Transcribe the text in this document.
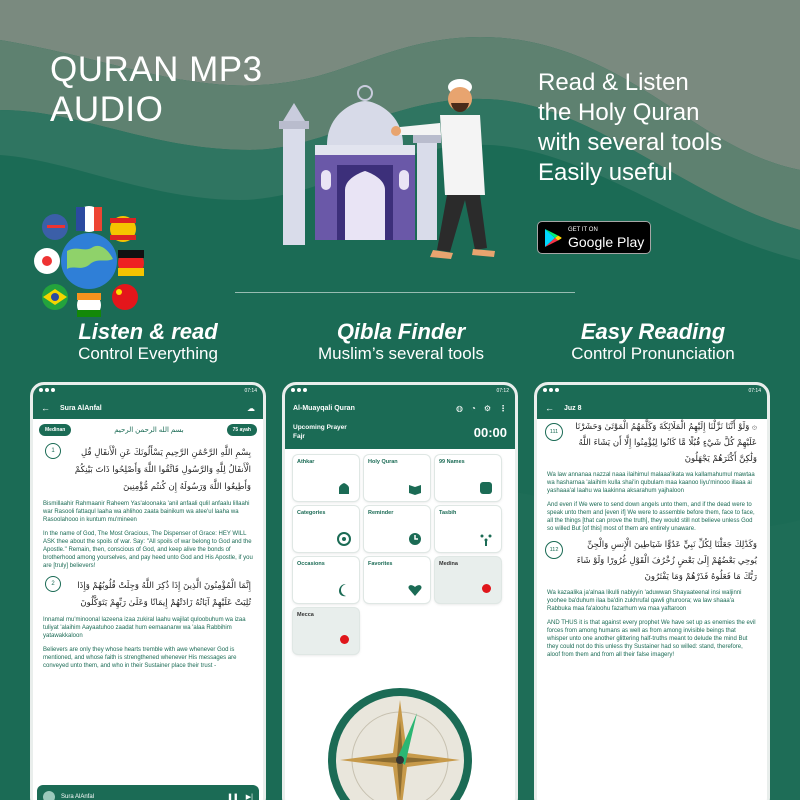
QURAN MP3
AUDIO
Read & Listen
the Holy Quran
with several tools
Easily useful
GET IT ON
Google Play
Listen & read
Control Everything
Qibla Finder
Muslim’s several tools
Easy Reading
Control Pronunciation
07:14
← Sura AlAnfal	☁
Medinan	بسم الله الرحمن الرحيم	75 ayah
1	بِسْمِ اللَّهِ الرَّحْمَٰنِ الرَّحِيمِ يَسْأَلُونَكَ عَنِ الْأَنفَالِ قُلِ الْأَنفَالُ لِلَّهِ وَالرَّسُولِ فَاتَّقُوا اللَّهَ وَأَصْلِحُوا ذَاتَ بَيْنِكُمْ وَأَطِيعُوا اللَّهَ وَرَسُولَهُ إِن كُنتُم مُّؤْمِنِينَ
Bismillaahir Rahmaanir Raheem Yas'aloonaka 'anil anfaali qulil anfaalu lillaahi war Rasooli fattaqul laaha wa ahlihoo zaata bainikum wa atee'ul laaha wa Rasoolahooo in kuntum mu'mineen
In the name of God, The Most Gracious, The Dispenser of Grace: HEY WILL ASK thee about the spoils of war. Say: "All spoils of war belong to God and the Apostle." Remain, then, conscious of God, and keep alive the bonds of brotherhood among yourselves, and pay heed unto God and His Apostle, if you are [truly] believers!
2	إِنَّمَا الْمُؤْمِنُونَ الَّذِينَ إِذَا ذُكِرَ اللَّهُ وَجِلَتْ قُلُوبُهُمْ وَإِذَا تُلِيَتْ عَلَيْهِمْ آيَاتُهُ زَادَتْهُمْ إِيمَانًا وَعَلَىٰ رَبِّهِمْ يَتَوَكَّلُونَ
Innamal mu'minoonal lazeena izaa zukiral laahu wajilat quloobuhum wa izaa tuliyat 'alaihim Aayaatuhoo zaadat hum eemaananw wa 'alaa Rabbihim yatawakkaloon
Believers are only they whose hearts tremble with awe whenever God is mentioned, and whose faith is strengthened whenever His messages are conveyed unto them, and who in their Sustainer place their trust -
Sura AlAnfal	❚❚ ▶|
07:12
Al-Muayqali Quran	◍ ◔ ⚙ ⋮
Upcoming Prayer
Fajr	00:00
Athkar	Holy Quran	99 Names
Categories	Reminder	Tasbih
Occasions	Favorites	Medina
Mecca
07:14
← Juz 8
111	۞ وَلَوْ أَنَّنَا نَزَّلْنَا إِلَيْهِمُ الْمَلَائِكَةَ وَكَلَّمَهُمُ الْمَوْتَىٰ وَحَشَرْنَا عَلَيْهِمْ كُلَّ شَيْءٍ قُبُلًا مَّا كَانُوا لِيُؤْمِنُوا إِلَّا أَن يَشَاءَ اللَّهُ وَلَٰكِنَّ أَكْثَرَهُمْ يَجْهَلُونَ
Wa law annanaa nazzal naaa ilaihimul malaaa'ikata wa kallamahumul mawtaa wa hasharnaa 'alaihim kulla shai'in qubulam maa kaanoo liyu'minooo illaaa ai yashaaa'al laahu wa laakinna aksarahum yajhaloon
And even if We were to send down angels unto them, and if the dead were to speak unto them and [even if] We were to assemble before them, face to face, all the things [that can prove the truth], they would still not believe unless God so willed But [of this] most of them are entirely unaware.
112	وَكَذَٰلِكَ جَعَلْنَا لِكُلِّ نَبِيٍّ عَدُوًّا شَيَاطِينَ الْإِنسِ وَالْجِنِّ يُوحِي بَعْضُهُمْ إِلَىٰ بَعْضٍ زُخْرُفَ الْقَوْلِ غُرُورًا وَلَوْ شَاءَ رَبُّكَ مَا فَعَلُوهُ فَذَرْهُمْ وَمَا يَفْتَرُونَ
Wa kazaalika ja'alnaa likulli nabiyyin 'aduwwan Shayaateenal insi waljinni yoohee ba'duhum ilaa ba'din zukhrufal qawli ghuroora; wa law shaaa'a Rabbuka maa fa'aloohu fazarhum wa maa yaftaroon
AND THUS it is that against every prophet We have set up as enemies the evil forces from among humans as well as from among invisible beings that whisper unto one another glittering half-truths meant to delude the mind But they could not do this unless thy Sustainer had so willed: stand, therefore, aloof from them and from all their false imagery!
